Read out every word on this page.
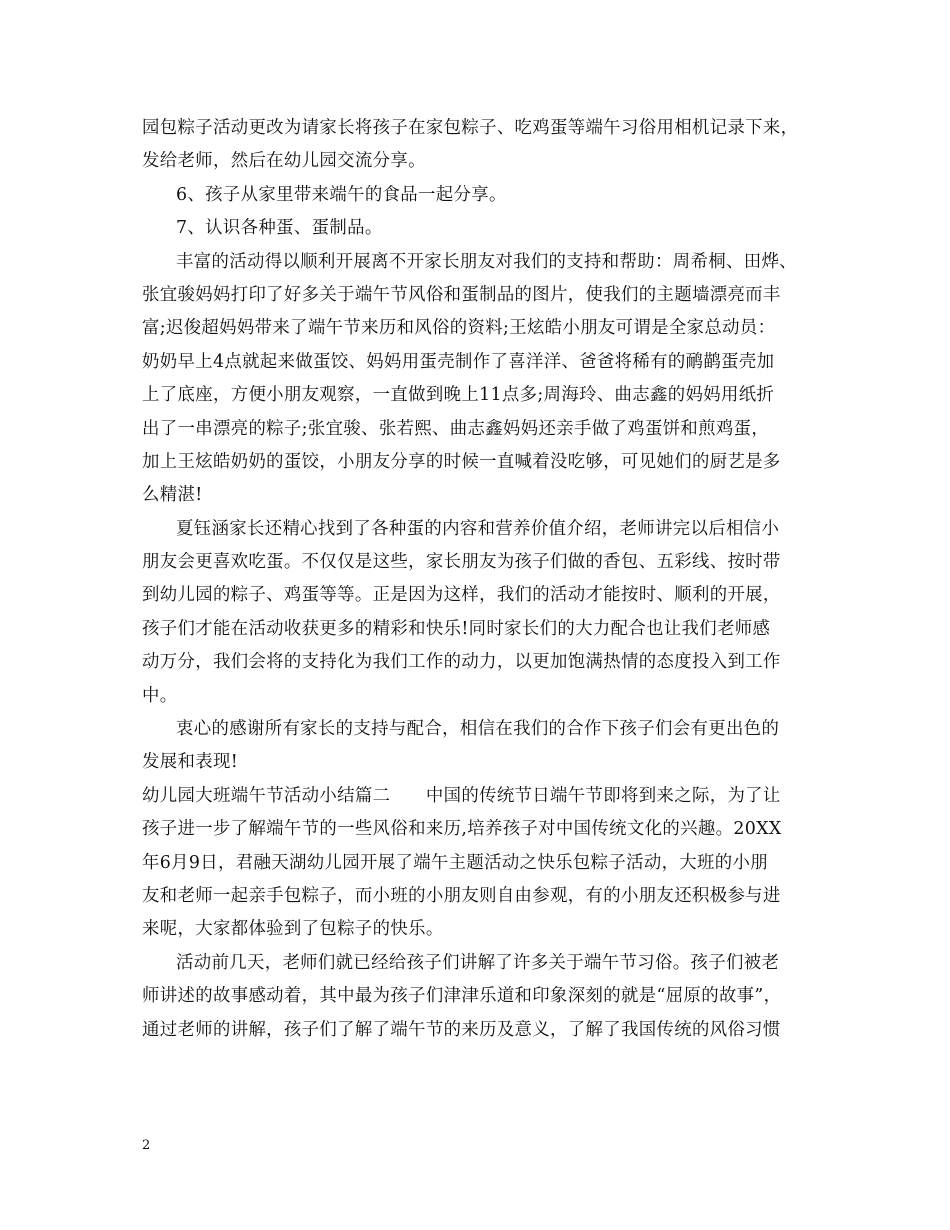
园包粽子活动更改为请家长将孩子在家包粽子、吃鸡蛋等端午习俗用相机记录下来，
发给老师，然后在幼儿园交流分享。
6、孩子从家里带来端午的食品一起分享。
7、认识各种蛋、蛋制品。
丰富的活动得以顺利开展离不开家长朋友对我们的支持和帮助：周希桐、田烨、
张宜骏妈妈打印了好多关于端午节风俗和蛋制品的图片，使我们的主题墙漂亮而丰
富;迟俊超妈妈带来了端午节来历和风俗的资料;王炫皓小朋友可谓是全家总动员：
奶奶早上4点就起来做蛋饺、妈妈用蛋壳制作了喜洋洋、爸爸将稀有的鸸鹋蛋壳加
上了底座，方便小朋友观察，一直做到晚上11点多;周海玲、曲志鑫的妈妈用纸折
出了一串漂亮的粽子;张宜骏、张若熙、曲志鑫妈妈还亲手做了鸡蛋饼和煎鸡蛋，
加上王炫皓奶奶的蛋饺，小朋友分享的时候一直喊着没吃够，可见她们的厨艺是多
么精湛!
夏钰涵家长还精心找到了各种蛋的内容和营养价值介绍，老师讲完以后相信小
朋友会更喜欢吃蛋。不仅仅是这些，家长朋友为孩子们做的香包、五彩线、按时带
到幼儿园的粽子、鸡蛋等等。正是因为这样，我们的活动才能按时、顺利的开展，
孩子们才能在活动收获更多的精彩和快乐!同时家长们的大力配合也让我们老师感
动万分，我们会将的支持化为我们工作的动力，以更加饱满热情的态度投入到工作
中。
衷心的感谢所有家长的支持与配合，相信在我们的合作下孩子们会有更出色的
发展和表现!
幼儿园大班端午节活动小结篇二　　中国的传统节日端午节即将到来之际，为了让
孩子进一步了解端午节的一些风俗和来历,培养孩子对中国传统文化的兴趣。20XX
年6月9日，君融天湖幼儿园开展了端午主题活动之快乐包粽子活动，大班的小朋
友和老师一起亲手包粽子，而小班的小朋友则自由参观，有的小朋友还积极参与进
来呢，大家都体验到了包粽子的快乐。
活动前几天，老师们就已经给孩子们讲解了许多关于端午节习俗。孩子们被老
师讲述的故事感动着，其中最为孩子们津津乐道和印象深刻的就是“屈原的故事”，
通过老师的讲解，孩子们了解了端午节的来历及意义，了解了我国传统的风俗习惯
2
